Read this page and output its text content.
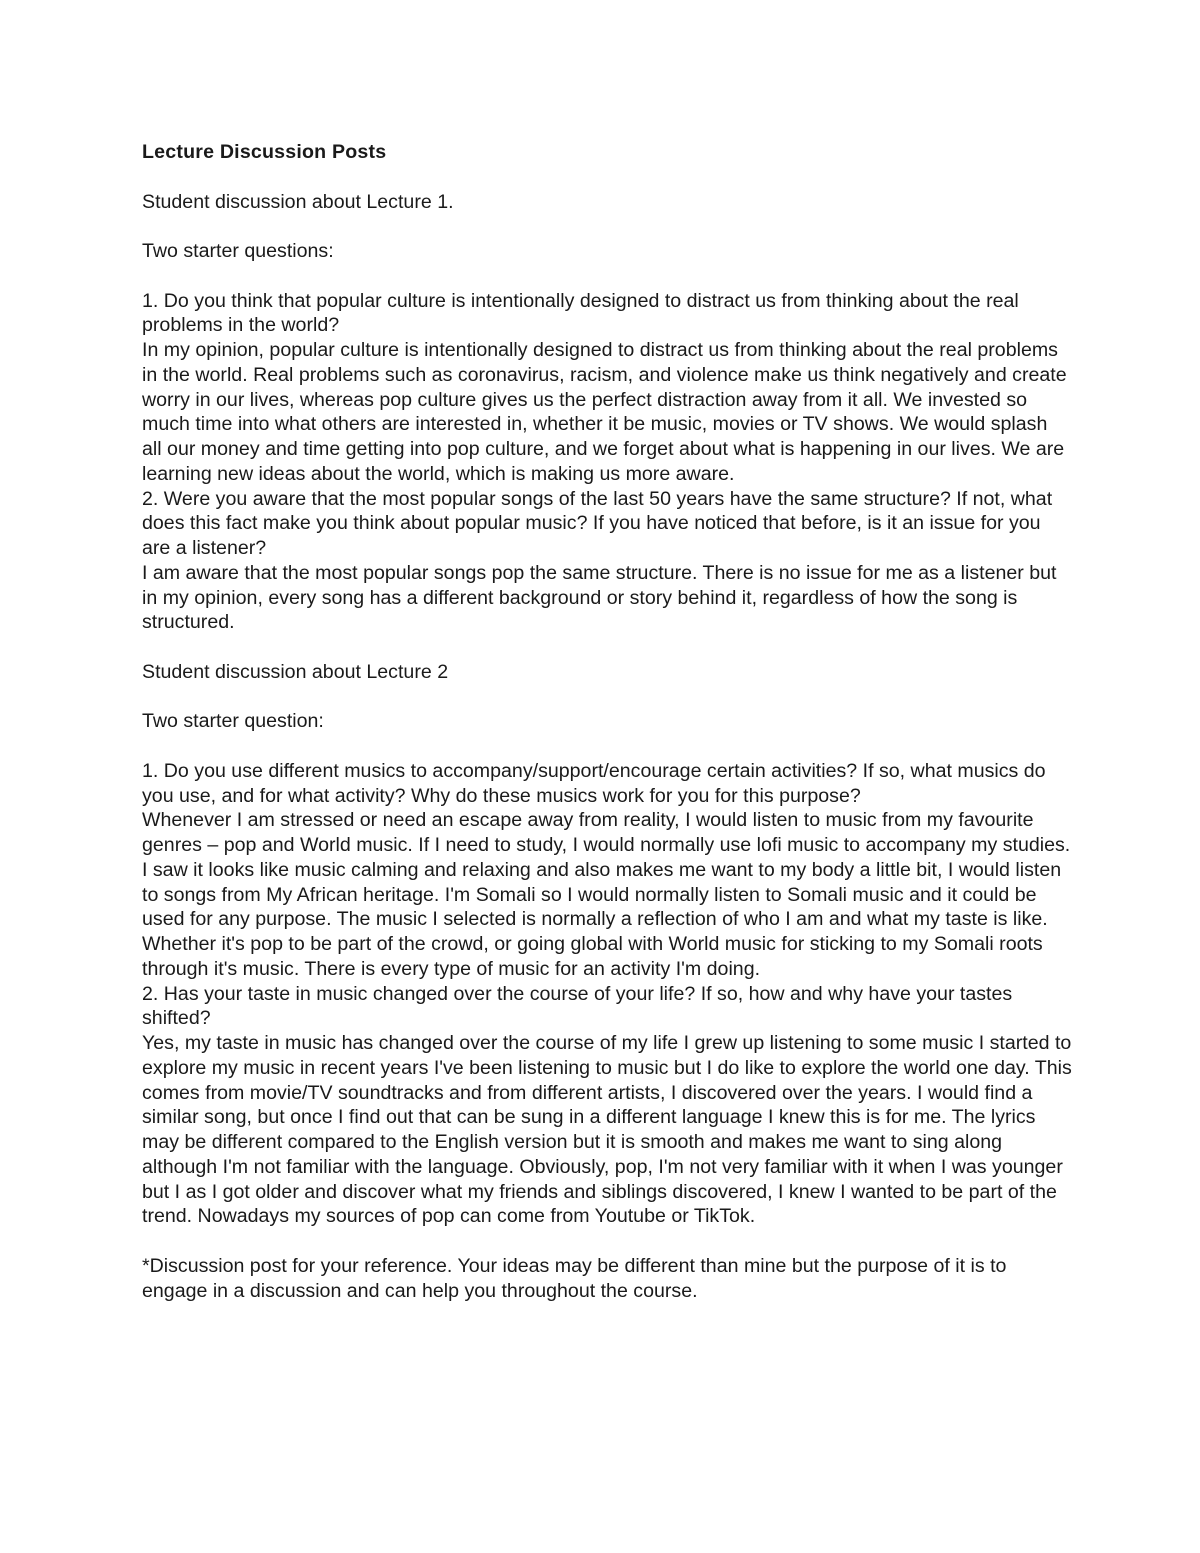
Lecture Discussion Posts

Student discussion about Lecture 1.

Two starter questions:

1. Do you think that popular culture is intentionally designed to distract us from thinking about the real problems in the world?

In my opinion, popular culture is intentionally designed to distract us from thinking about the real problems in the world. Real problems such as coronavirus, racism, and violence make us think negatively and create worry in our lives, whereas pop culture gives us the perfect distraction away from it all. We invested so much time into what others are interested in, whether it be music, movies or TV shows. We would splash all our money and time getting into pop culture, and we forget about what is happening in our lives. We are learning new ideas about the world, which is making us more aware.

2. Were you aware that the most popular songs of the last 50 years have the same structure? If not, what does this fact make you think about popular music? If you have noticed that before, is it an issue for you are a listener?

I am aware that the most popular songs pop the same structure. There is no issue for me as a listener but in my opinion, every song has a different background or story behind it, regardless of how the song is structured.

Student discussion about Lecture 2

Two starter question:

1. Do you use different musics to accompany/support/encourage certain activities? If so, what musics do you use, and for what activity? Why do these musics work for you for this purpose?

Whenever I am stressed or need an escape away from reality, I would listen to music from my favourite genres – pop and World music. If I need to study, I would normally use lofi music to accompany my studies. I saw it looks like music calming and relaxing and also makes me want to my body a little bit, I would listen to songs from My African heritage. I'm Somali so I would normally listen to Somali music and it could be used for any purpose. The music I selected is normally a reflection of who I am and what my taste is like. Whether it's pop to be part of the crowd, or going global with World music for sticking to my Somali roots through it's music. There is every type of music for an activity I'm doing.

2. Has your taste in music changed over the course of your life? If so, how and why have your tastes shifted?

Yes, my taste in music has changed over the course of my life I grew up listening to some music I started to explore my music in recent years I've been listening to music but I do like to explore the world one day. This comes from movie/TV soundtracks and from different artists, I discovered over the years. I would find a similar song, but once I find out that can be sung in a different language I knew this is for me. The lyrics may be different compared to the English version but it is smooth and makes me want to sing along although I'm not familiar with the language. Obviously, pop, I'm not very familiar with it when I was younger but I as I got older and discover what my friends and siblings discovered, I knew I wanted to be part of the trend. Nowadays my sources of pop can come from Youtube or TikTok.

*Discussion post for your reference. Your ideas may be different than mine but the purpose of it is to engage in a discussion and can help you throughout the course.
